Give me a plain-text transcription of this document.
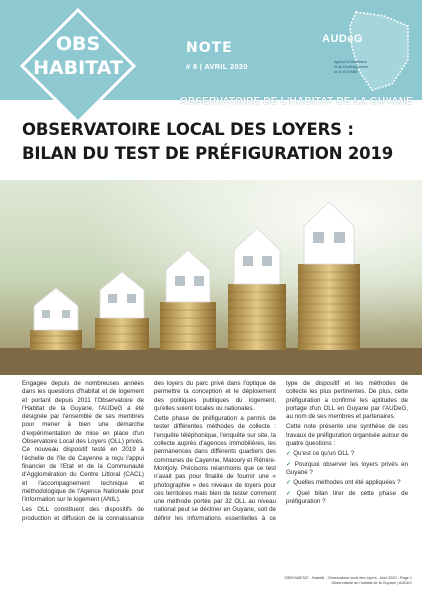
OBS
HABITAT
NOTE
# 8 | AVRIL 2020
AUDeG
Agence d'Urbanisme
et de Développement
de la GUYANE
OBSERVATOIRE DE L'HABITAT DE LA GUYANE
OBSERVATOIRE LOCAL DES LOYERS :
BILAN DU TEST DE PRÉFIGURATION 2019

Engagée depuis de nombreuses années dans les questions d'habitat et de logement et portant depuis 2011 l'Observatoire de l'Habitat de la Guyane, l'AUDeG a été désignée par l'ensemble de ses membres pour mener à bien une démarche d'expérimentation de mise en place d'un Observatoire Local des Loyers (OLL) privés. Ce nouveau dispositif testé en 2019 à l'échelle de l'île de Cayenne a reçu l'appui financier de l'Etat et de la Communauté d'Agglomération du Centre Littoral (CACL) et l'accompagnement technique et méthodologique de l'Agence Nationale pour l'information sur le logement (ANIL).

Les OLL constituent des dispositifs de production et diffusion de la connaissance des loyers du parc privé dans l'optique de permettre la conception et le déploiement des politiques publiques du logement, qu'elles soient locales ou nationales.

Cette phase de préfiguration a permis de tester différentes méthodes de collecte : l'enquête téléphonique, l'enquête sur site, la collecte auprès d'agences immobilières, les permanences dans différents quartiers des communes de Cayenne, Matoury et Rémire-Montjoly. Précisons néanmoins que ce test n'avait pas pour finalité de fournir une « photographie » des niveaux de loyers pour ces territoires mais bien de tester comment une méthode portée par 32 OLL au niveau national peut se décliner en Guyane, soit de définir les informations essentielles à ce type de dispositif et les méthodes de collecte les plus pertinentes. De plus, cette préfiguration a confirmé les aptitudes de portage d'un OLL en Guyane par l'AUDeG, au nom de ses membres et partenaires.

Cette note présente une synthèse de ces travaux de préfiguration organisée autour de quatre questions :

✓ Qu'est ce qu'un OLL ?
✓ Pourquoi observer les loyers privés en Guyane ?
✓ Quelles méthodes ont été appliquées ?
✓ Quel bilan tirer de cette phase de préfiguration ?
OBS'HABITAT - Note#8 - Observatoire local des loyers - Avril 2020 - Page 1
Observatoire de l'habitat de la Guyane | AUDeG
